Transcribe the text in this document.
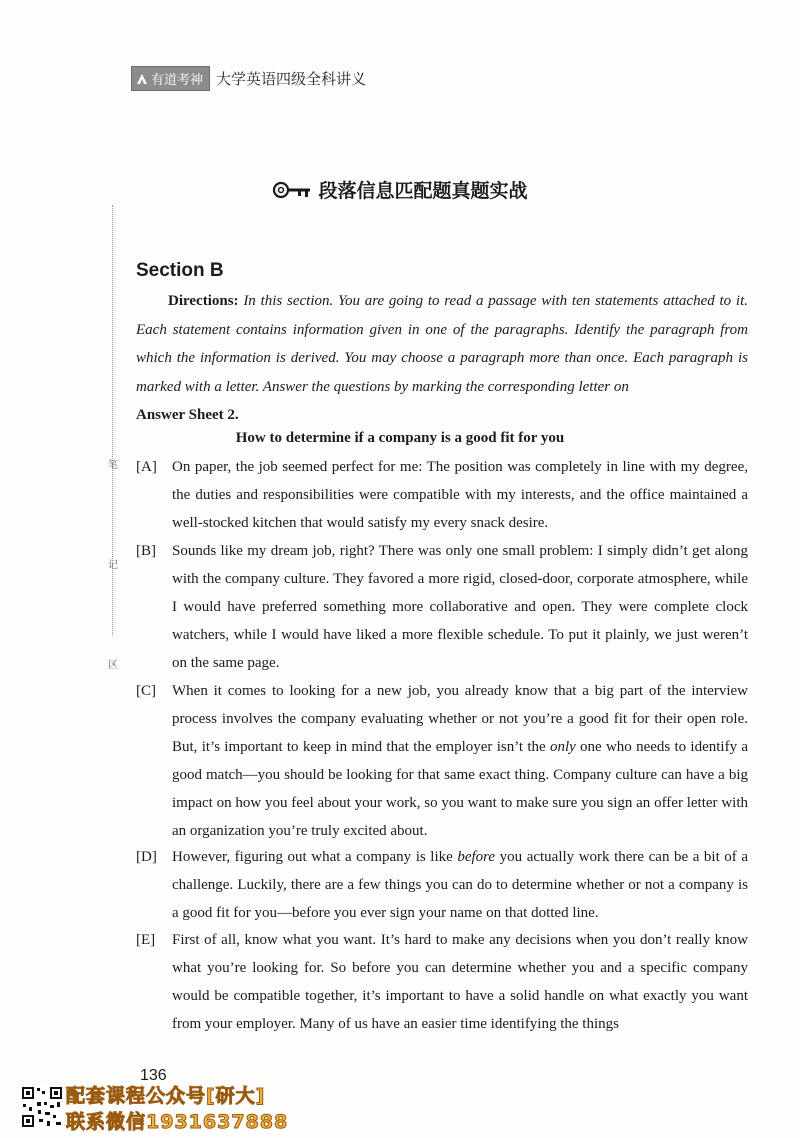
有道考神 大学英语四级全科讲义
笔
记
区
段落信息匹配题真题实战
Section B
Directions: In this section. You are going to read a passage with ten statements attached to it. Each statement contains information given in one of the paragraphs. Identify the paragraph from which the information is derived. You may choose a paragraph more than once. Each paragraph is marked with a letter. Answer the questions by marking the corresponding letter on
Answer Sheet 2.
How to determine if a company is a good fit for you
[A]	On paper, the job seemed perfect for me: The position was completely in line with my degree, the duties and responsibilities were compatible with my interests, and the office maintained a well-stocked kitchen that would satisfy my every snack desire.
[B]	Sounds like my dream job, right? There was only one small problem: I simply didn’t get along with the company culture. They favored a more rigid, closed-door, corporate atmosphere, while I would have preferred something more collaborative and open. They were complete clock watchers, while I would have liked a more flexible schedule. To put it plainly, we just weren’t on the same page.
[C]	When it comes to looking for a new job, you already know that a big part of the interview process involves the company evaluating whether or not you’re a good fit for their open role. But, it’s important to keep in mind that the employer isn’t the only one who needs to identify a good match—you should be looking for that same exact thing. Company culture can have a big impact on how you feel about your work, so you want to make sure you sign an offer letter with an organization you’re truly excited about.
[D]	However, figuring out what a company is like before you actually work there can be a bit of a challenge. Luckily, there are a few things you can do to determine whether or not a company is a good fit for you—before you ever sign your name on that dotted line.
[E]	First of all, know what you want. It’s hard to make any decisions when you don’t really know what you’re looking for. So before you can determine whether you and a specific company would be compatible together, it’s important to have a solid handle on what exactly you want from your employer. Many of us have an easier time identifying the things
136
配套课程公众号[研大]
联系微信1931637888
